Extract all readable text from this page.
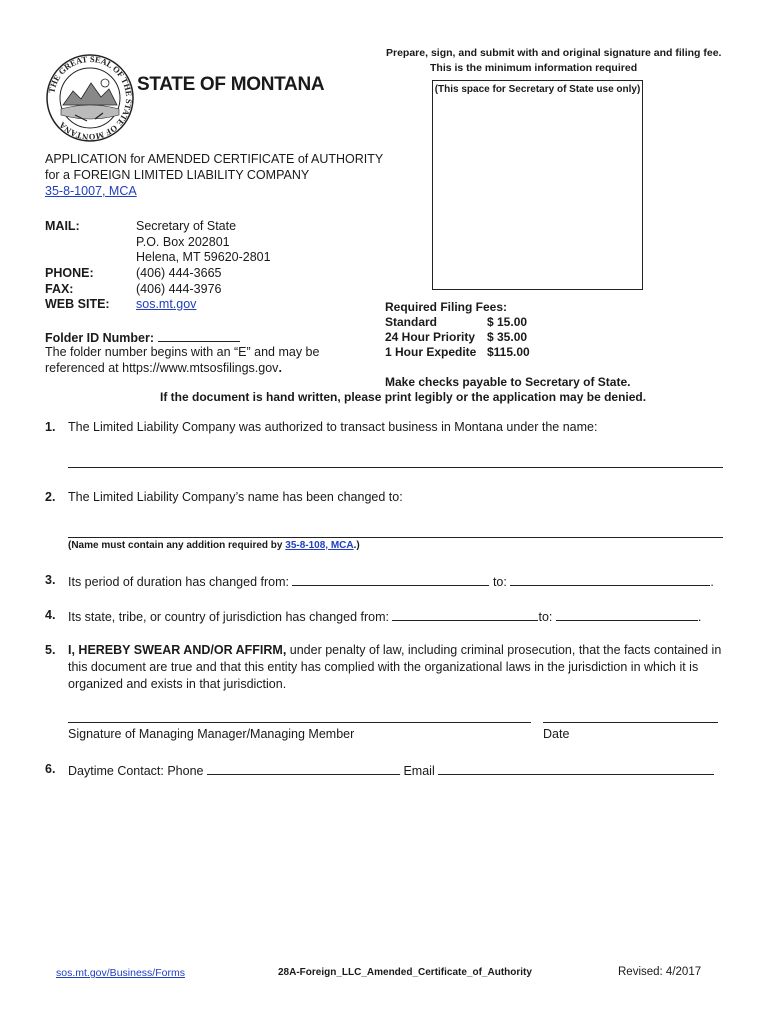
Prepare, sign, and submit with and original signature and filing fee.
This is the minimum information required
THE GREAT SEAL OF THE STATE OF MONTANA
STATE OF MONTANA	(This space for Secretary of State use only)
APPLICATION for AMENDED CERTIFICATE of AUTHORITY
for a FOREIGN LIMITED LIABILITY COMPANY
35-8-1007, MCA
MAIL:	Secretary of State
P.O. Box 202801
Helena, MT 59620-2801
PHONE:	(406) 444-3665
FAX:	(406) 444-3976
WEB SITE: sos.mt.gov
Folder ID Number:
The folder number begins with an “E” and may be
referenced at https://www.mtsosfilings.gov.
Required Filing Fees:
Standard	$ 15.00
24 Hour Priority $ 35.00
1 Hour Expedite $115.00
Make checks payable to Secretary of State.
If the document is hand written, please print legibly or the application may be denied.
1. The Limited Liability Company was authorized to transact business in Montana under the name:
2. The Limited Liability Company’s name has been changed to:
(Name must contain any addition required by 35-8-108, MCA.)
3. Its period of duration has changed from:	to:	.
4. Its state, tribe, or country of jurisdiction has changed from:	to:	.
5. I, HEREBY SWEAR AND/OR AFFIRM, under penalty of law, including criminal prosecution, that the facts contained in
this document are true and that this entity has complied with the organizational laws in the jurisdiction in which it is
organized and exists in that jurisdiction.
Signature of Managing Manager/Managing Member	Date
6. Daytime Contact: Phone	Email
sos.mt.gov/Business/Forms	28A-Foreign_LLC_Amended_Certificate_of_Authority	Revised: 4/2017
